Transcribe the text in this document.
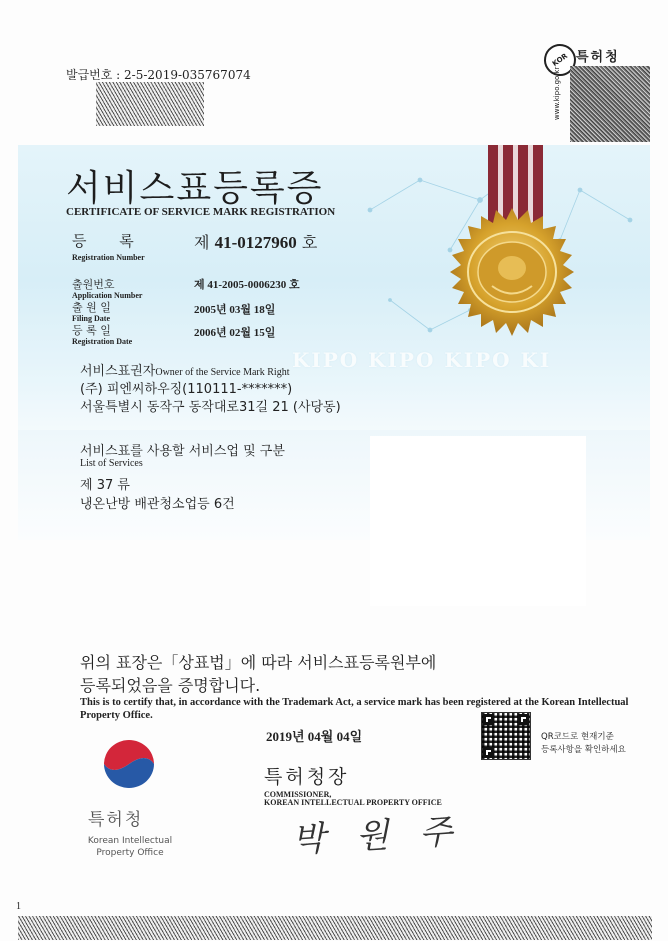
발급번호 : 2-5-2019-035767074
KOR 특허청
www.kipo.go.kr
서비스표등록증
CERTIFICATE OF SERVICE MARK REGISTRATION
등 록
Registration Number
제 41-0127960 호
출원번호
Application Number
제 41-2005-0006230 호
출 원 일
Filing Date
2005년 03월 18일
등 록 일
Registration Date
2006년 02월 15일
KIPO KIPO KIPO KI
서비스표권자Owner of the Service Mark Right
(주) 피엔씨하우징(110111-*******)
서울특별시 동작구 동작대로31길 21 (사당동)
서비스표를 사용할 서비스업 및 구분
List of Services
제 37 류
냉온난방 배관청소업등 6건
위의 표장은「상표법」에 따라 서비스표등록원부에
등록되었음을 증명합니다.
This is to certify that, in accordance with the Trademark Act, a service mark has been registered at the Korean Intellectual Property Office.
2019년 04월 04일	QR코드로 현재기준
등록사항을 확인하세요
특허청
Korean Intellectual
Property Office
특허청장
COMMISSIONER,
KOREAN INTELLECTUAL PROPERTY OFFICE
박 원 주
1
